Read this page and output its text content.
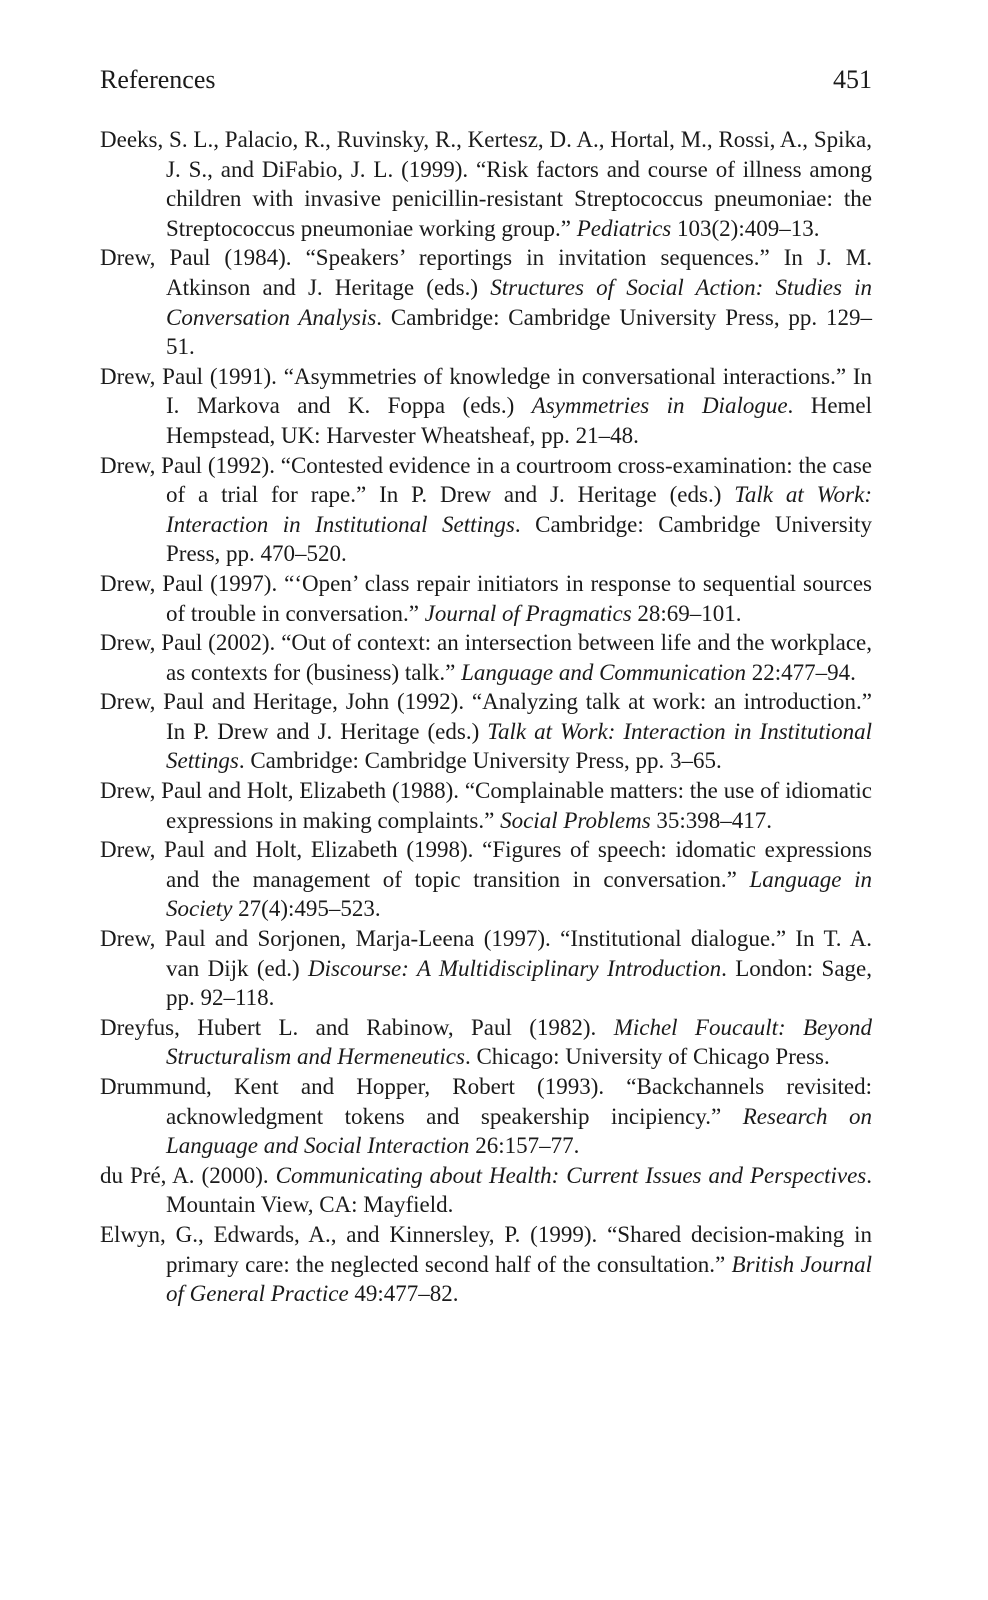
References	451
Deeks, S. L., Palacio, R., Ruvinsky, R., Kertesz, D. A., Hortal, M., Rossi, A., Spika, J. S., and DiFabio, J. L. (1999). “Risk factors and course of illness among children with invasive penicillin-resistant Streptococcus pneumoniae: the Streptococcus pneumoniae working group.” Pediatrics 103(2):409–13.
Drew, Paul (1984). “Speakers’ reportings in invitation sequences.” In J. M. Atkinson and J. Heritage (eds.) Structures of Social Action: Studies in Conversation Analysis. Cambridge: Cambridge University Press, pp. 129–51.
Drew, Paul (1991). “Asymmetries of knowledge in conversational interactions.” In I. Markova and K. Foppa (eds.) Asymmetries in Dialogue. Hemel Hempstead, UK: Harvester Wheatsheaf, pp. 21–48.
Drew, Paul (1992). “Contested evidence in a courtroom cross-examination: the case of a trial for rape.” In P. Drew and J. Heritage (eds.) Talk at Work: Interaction in Institutional Settings. Cambridge: Cambridge University Press, pp. 470–520.
Drew, Paul (1997). “‘Open’ class repair initiators in response to sequential sources of trouble in conversation.” Journal of Pragmatics 28:69–101.
Drew, Paul (2002). “Out of context: an intersection between life and the workplace, as contexts for (business) talk.” Language and Communication 22:477–94.
Drew, Paul and Heritage, John (1992). “Analyzing talk at work: an introduction.” In P. Drew and J. Heritage (eds.) Talk at Work: Interaction in Institutional Settings. Cambridge: Cambridge University Press, pp. 3–65.
Drew, Paul and Holt, Elizabeth (1988). “Complainable matters: the use of idiomatic expressions in making complaints.” Social Problems 35:398–417.
Drew, Paul and Holt, Elizabeth (1998). “Figures of speech: idomatic expressions and the management of topic transition in conversation.” Language in Society 27(4):495–523.
Drew, Paul and Sorjonen, Marja-Leena (1997). “Institutional dialogue.” In T. A. van Dijk (ed.) Discourse: A Multidisciplinary Introduction. London: Sage, pp. 92–118.
Dreyfus, Hubert L. and Rabinow, Paul (1982). Michel Foucault: Beyond Structuralism and Hermeneutics. Chicago: University of Chicago Press.
Drummund, Kent and Hopper, Robert (1993). “Backchannels revisited: acknowledgment tokens and speakership incipiency.” Research on Language and Social Interaction 26:157–77.
du Pré, A. (2000). Communicating about Health: Current Issues and Perspectives. Mountain View, CA: Mayfield.
Elwyn, G., Edwards, A., and Kinnersley, P. (1999). “Shared decision-making in primary care: the neglected second half of the consultation.” British Journal of General Practice 49:477–82.
